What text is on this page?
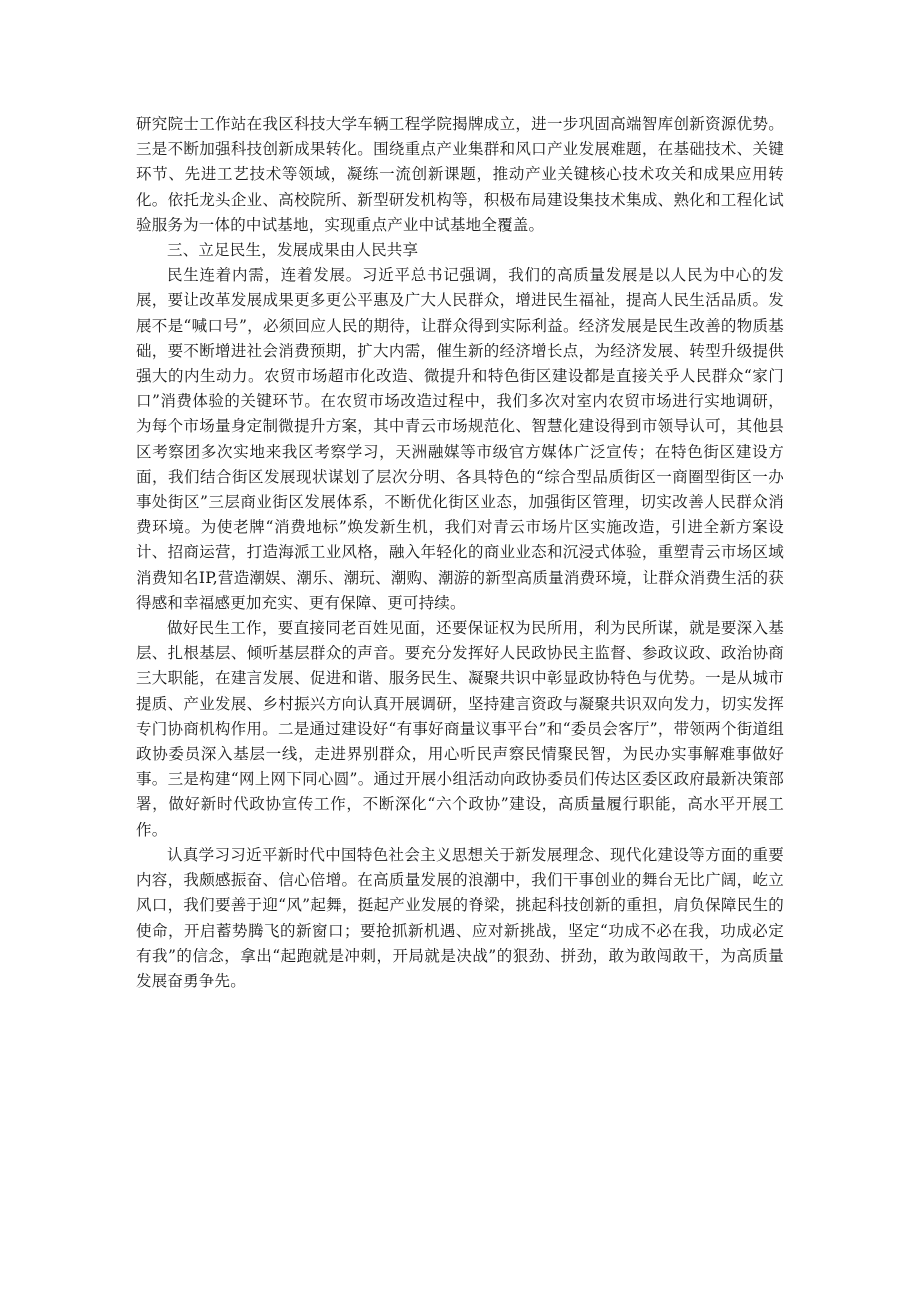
研究院士工作站在我区科技大学车辆工程学院揭牌成立，进一步巩固高端智库创新资源优势。三是不断加强科技创新成果转化。围绕重点产业集群和风口产业发展难题，在基础技术、关键环节、先进工艺技术等领域，凝练一流创新课题，推动产业关键核心技术攻关和成果应用转化。依托龙头企业、高校院所、新型研发机构等，积极布局建设集技术集成、熟化和工程化试验服务为一体的中试基地，实现重点产业中试基地全覆盖。

三、立足民生，发展成果由人民共享

民生连着内需，连着发展。习近平总书记强调，我们的高质量发展是以人民为中心的发展，要让改革发展成果更多更公平惠及广大人民群众，增进民生福祉，提高人民生活品质。发展不是“喊口号”，必须回应人民的期待，让群众得到实际利益。经济发展是民生改善的物质基础，要不断增进社会消费预期，扩大内需，催生新的经济增长点，为经济发展、转型升级提供强大的内生动力。农贸市场超市化改造、微提升和特色街区建设都是直接关乎人民群众“家门口”消费体验的关键环节。在农贸市场改造过程中，我们多次对室内农贸市场进行实地调研，为每个市场量身定制微提升方案，其中青云市场规范化、智慧化建设得到市领导认可，其他县区考察团多次实地来我区考察学习，天洲融媒等市级官方媒体广泛宣传；在特色街区建设方面，我们结合街区发展现状谋划了层次分明、各具特色的“综合型品质街区一商圈型街区一办事处街区”三层商业街区发展体系，不断优化街区业态，加强街区管理，切实改善人民群众消费环境。为使老牌“消费地标”焕发新生机，我们对青云市场片区实施改造，引进全新方案设计、招商运营，打造海派工业风格，融入年轻化的商业业态和沉浸式体验，重塑青云市场区域消费知名IP,营造潮娱、潮乐、潮玩、潮购、潮游的新型高质量消费环境，让群众消费生活的获得感和幸福感更加充实、更有保障、更可持续。

做好民生工作，要直接同老百姓见面，还要保证权为民所用，利为民所谋，就是要深入基层、扎根基层、倾听基层群众的声音。要充分发挥好人民政协民主监督、参政议政、政治协商三大职能，在建言发展、促进和谐、服务民生、凝聚共识中彰显政协特色与优势。一是从城市提质、产业发展、乡村振兴方向认真开展调研，坚持建言资政与凝聚共识双向发力，切实发挥专门协商机构作用。二是通过建设好“有事好商量议事平台”和“委员会客厅”，带领两个街道组政协委员深入基层一线，走进界别群众，用心听民声察民情聚民智，为民办实事解难事做好事。三是构建“网上网下同心圆”。通过开展小组活动向政协委员们传达区委区政府最新决策部署，做好新时代政协宣传工作，不断深化“六个政协”建设，高质量履行职能，高水平开展工作。

认真学习习近平新时代中国特色社会主义思想关于新发展理念、现代化建设等方面的重要内容，我颇感振奋、信心倍增。在高质量发展的浪潮中，我们干事创业的舞台无比广阔，屹立风口，我们要善于迎“风”起舞，挺起产业发展的脊梁，挑起科技创新的重担，肩负保障民生的使命，开启蓄势腾飞的新窗口；要抢抓新机遇、应对新挑战，坚定“功成不必在我，功成必定有我”的信念，拿出“起跑就是冲刺，开局就是决战”的狠劲、拼劲，敢为敢闯敢干，为高质量发展奋勇争先。
